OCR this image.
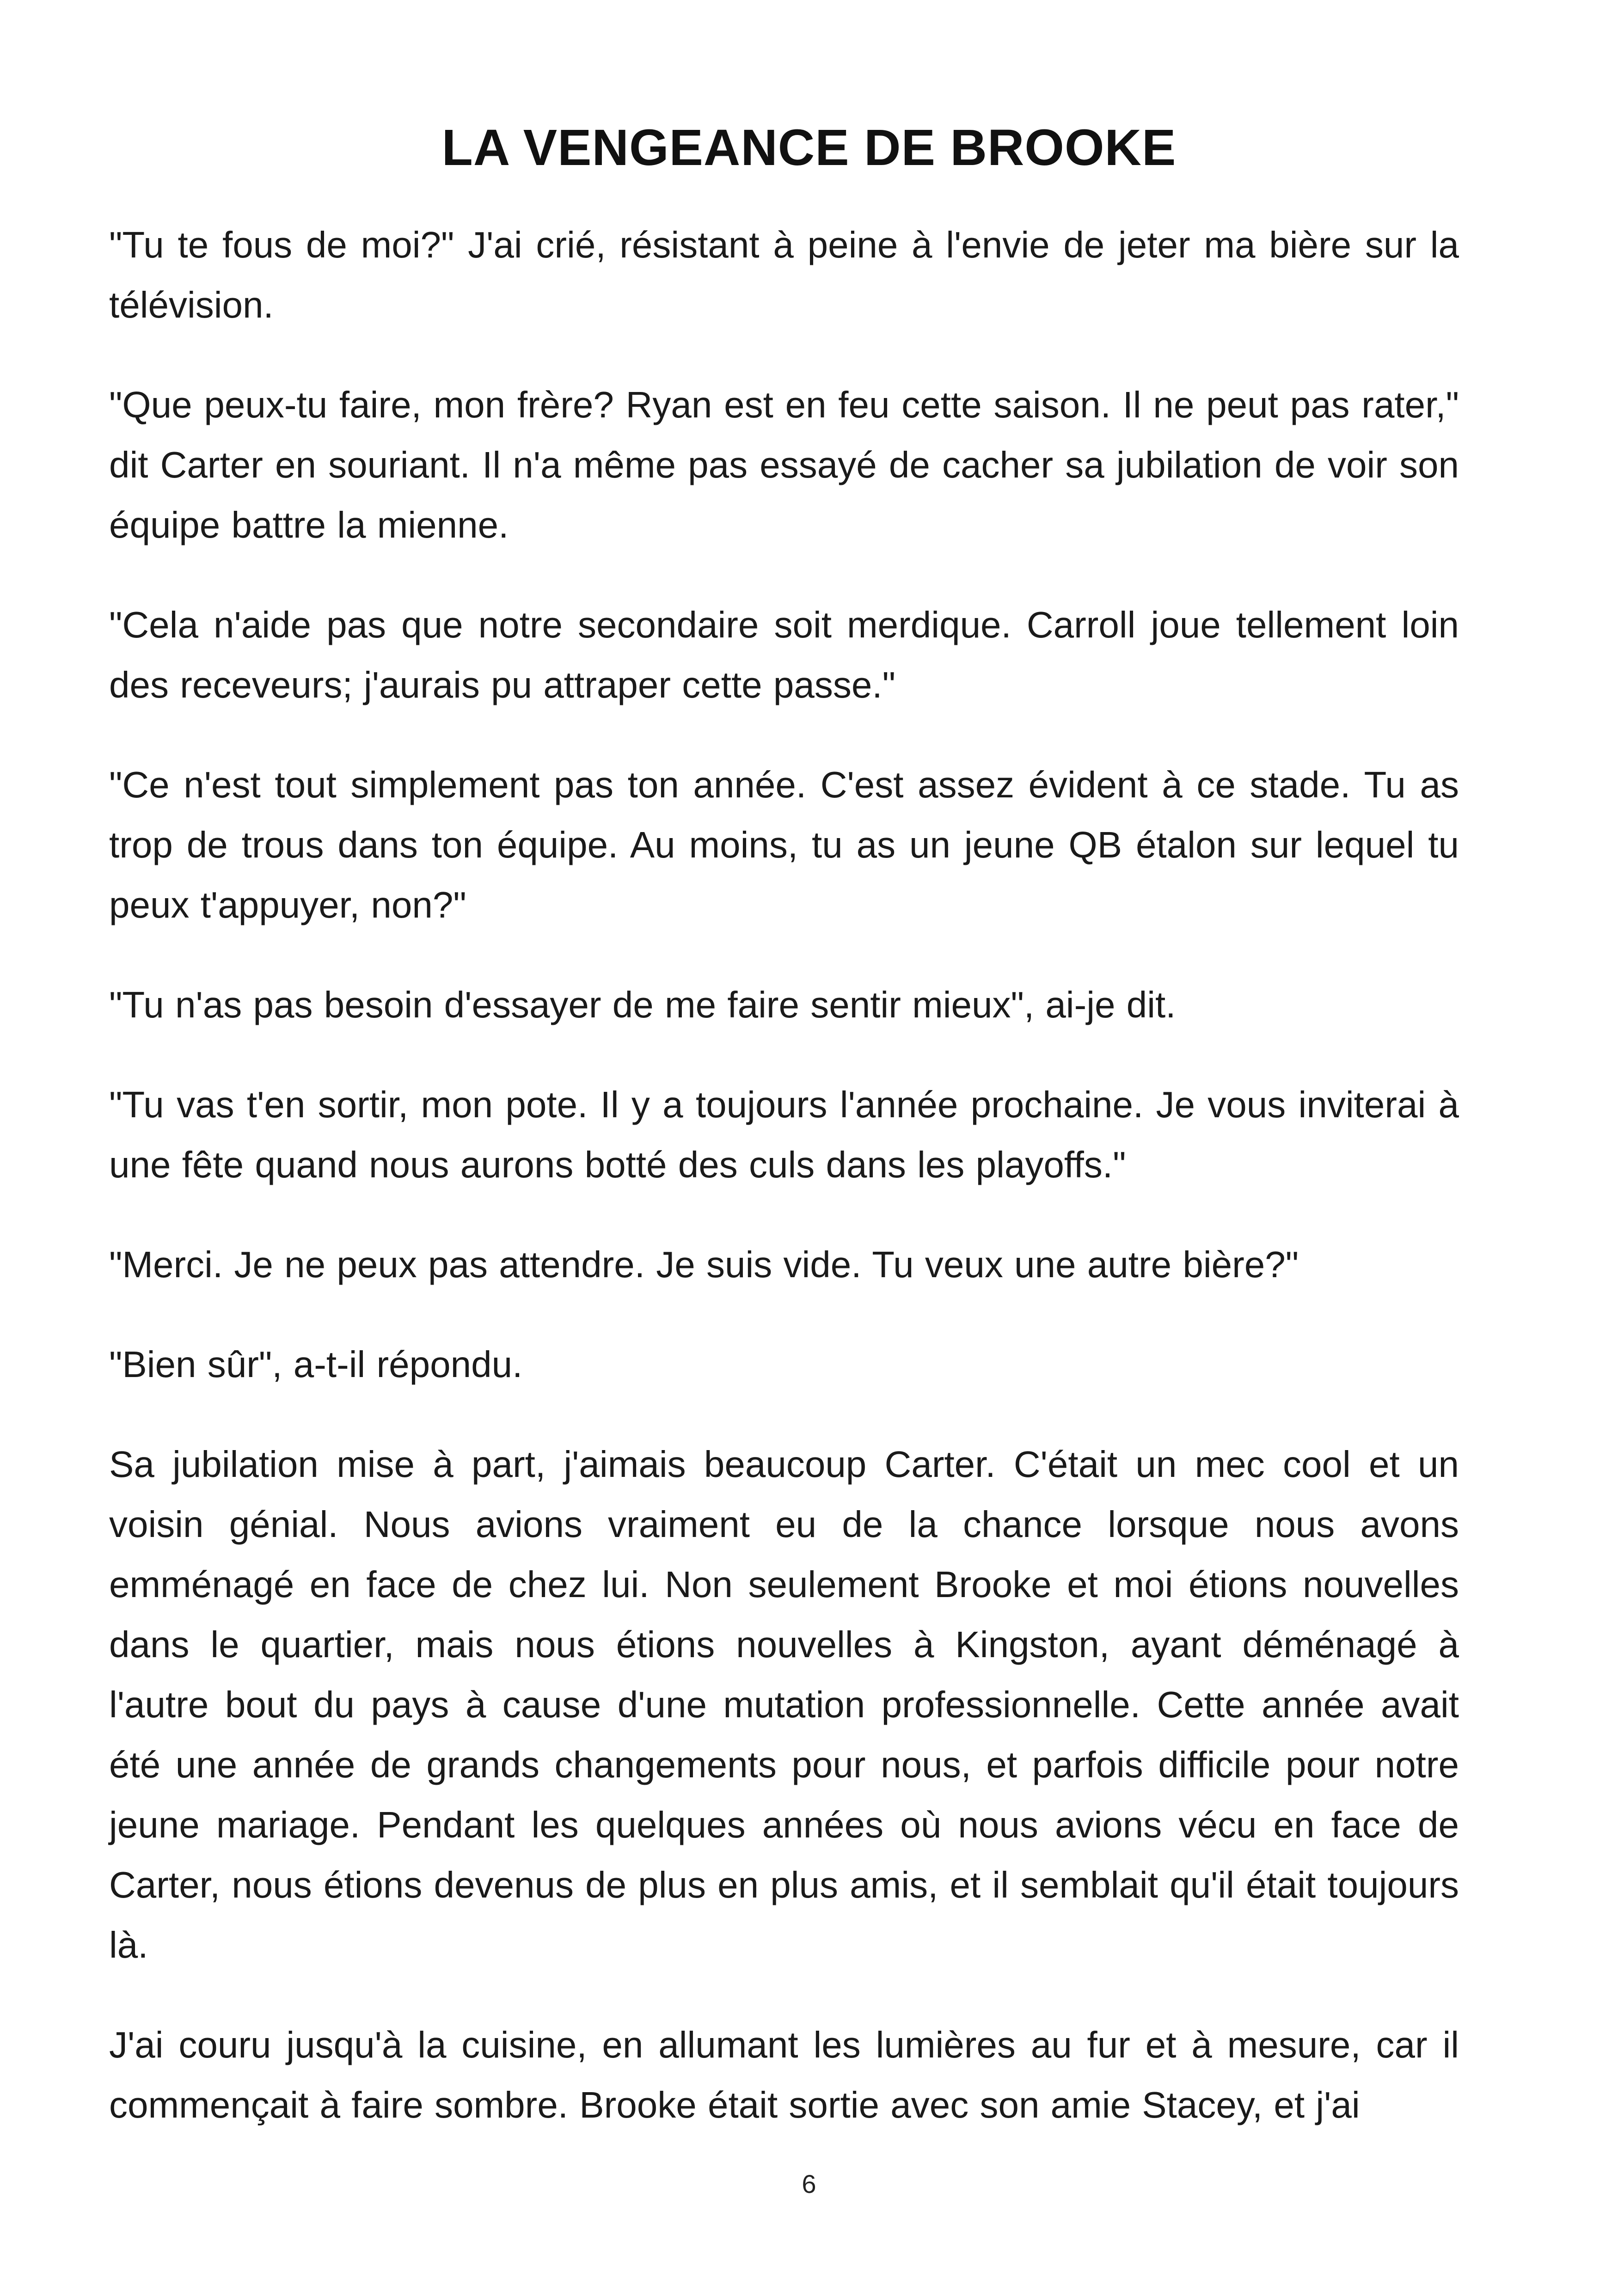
LA VENGEANCE DE BROOKE

"Tu te fous de moi?" J'ai crié, résistant à peine à l'envie de jeter ma bière sur la télévision.

"Que peux-tu faire, mon frère? Ryan est en feu cette saison. Il ne peut pas rater," dit Carter en souriant. Il n'a même pas essayé de cacher sa jubilation de voir son équipe battre la mienne.

"Cela n'aide pas que notre secondaire soit merdique. Carroll joue tellement loin des receveurs; j'aurais pu attraper cette passe."

"Ce n'est tout simplement pas ton année. C'est assez évident à ce stade. Tu as trop de trous dans ton équipe. Au moins, tu as un jeune QB étalon sur lequel tu peux t'appuyer, non?"

"Tu n'as pas besoin d'essayer de me faire sentir mieux", ai-je dit.

"Tu vas t'en sortir, mon pote. Il y a toujours l'année prochaine. Je vous inviterai à une fête quand nous aurons botté des culs dans les playoffs."

"Merci. Je ne peux pas attendre. Je suis vide. Tu veux une autre bière?"

"Bien sûr", a-t-il répondu.

Sa jubilation mise à part, j'aimais beaucoup Carter. C'était un mec cool et un voisin génial. Nous avions vraiment eu de la chance lorsque nous avons emménagé en face de chez lui. Non seulement Brooke et moi étions nouvelles dans le quartier, mais nous étions nouvelles à Kingston, ayant déménagé à l'autre bout du pays à cause d'une mutation professionnelle. Cette année avait été une année de grands changements pour nous, et parfois difficile pour notre jeune mariage. Pendant les quelques années où nous avions vécu en face de Carter, nous étions devenus de plus en plus amis, et il semblait qu'il était toujours là.

J'ai couru jusqu'à la cuisine, en allumant les lumières au fur et à mesure, car il commençait à faire sombre. Brooke était sortie avec son amie Stacey, et j'ai

6
